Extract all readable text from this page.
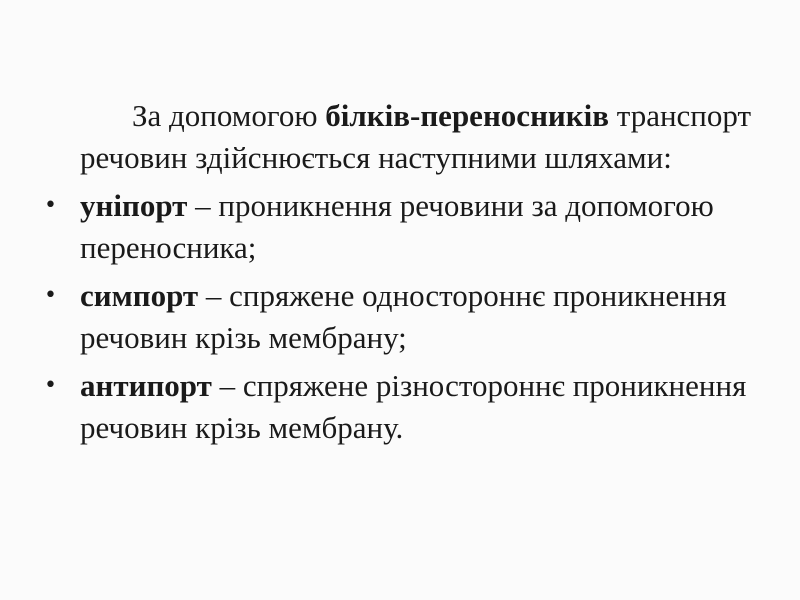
За допомогою білків-переносників транспорт речовин здійснюється наступними шляхами:

• уніпорт – проникнення речовини за допомогою переносника;
• симпорт – спряжене одностороннє проникнення речовин крізь мембрану;
• антипорт – спряжене різностороннє проникнення речовин крізь мембрану.
